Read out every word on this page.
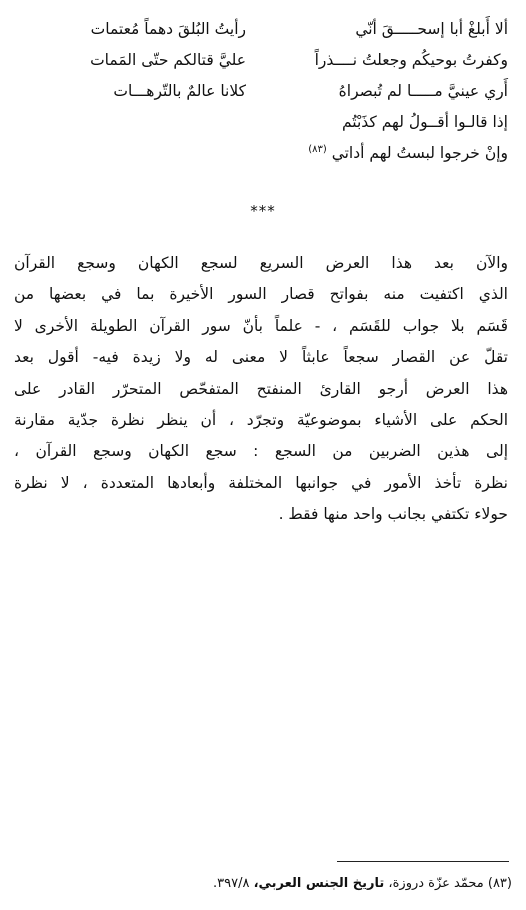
ألا أَبلغْ أبا إسحـــــقَ أنّي
رأيتُ البُلقَ دهماً مُعتمات
وكفرتُ بوحيكُم وجعلتُ نــــذراً
عليَّ قتالكم حتّى المَمات
أَري عينيَّ مـــــا لم تُبصراهُ
كلانا عالمٌ بالتّرهـــات
إذا قالـوا أقــولُ لهم كذَبْتُم
وإنْ خرجوا لبستُ لهم أداتي $^{(٨٣)}$
***
والآن بعد هذا العرض السريع لسجع الكهان وسجع القرآن
الذي اكتفيت منه بفواتح قصار السور الأخيرة بما في بعضها من
قَسَم بلا جواب للقَسَم ، - علماً بأنّ سور القرآن الطويلة الأخرى لا
تقلّ عن القصار سجعاً عابثاً لا معنى له ولا زيدة فيه- أقول بعد
هذا العرض أرجو القارئ المنفتح المتفحّص المتحرّر القادر على
الحكم على الأشياء بموضوعيّة وتجرّد ، أن ينظر نظرة جدّية مقارنة
إلى هذين الضربين من السجع : سجع الكهان وسجع القرآن ،
نظرة تأخذ الأمور في جوانبها المختلفة وأبعادها المتعددة ، لا نظرة
حولاء تكتفي بجانب واحد منها فقط .
(٨٣) محمّد عزّة دروزة، تاريخ الجنس العربي، ٣٩٧/٨.
